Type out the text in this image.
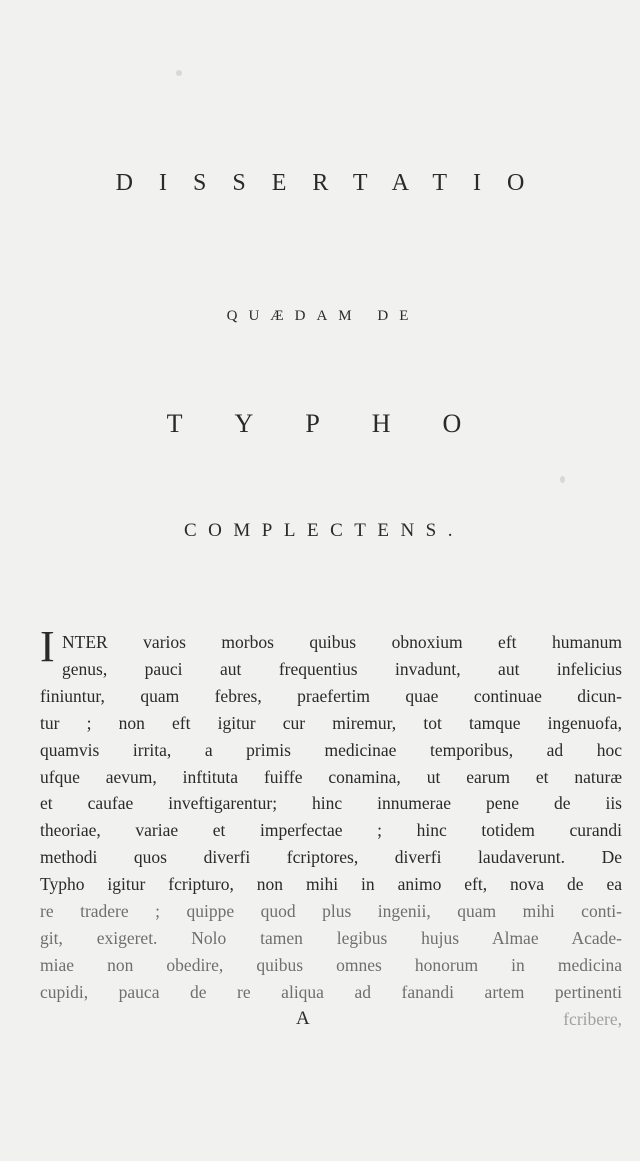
DISSERTATIO
QUÆDAM DE
TYPHO
COMPLECTENS.
I NTER varios morbos quibus obnoxium eft humanum
genus, pauci aut frequentius invadunt, aut infelicius
finiuntur, quam febres, praefertim quae continuae dicun-
tur ; non eft igitur cur miremur, tot tamque ingenuofa,
quamvis irrita, a primis medicinae temporibus, ad hoc
ufque aevum, inftituta fuiffe conamina, ut earum et naturæ
et caufae inveftigarentur; hinc innumerae pene de iis
theoriae, variae et imperfectae ; hinc totidem curandi
methodi quos diverfi fcriptores, diverfi laudaverunt. De
Typho igitur fcripturo, non mihi in animo eft, nova de ea
re tradere ; quippe quod plus ingenii, quam mihi conti-
git, exigeret. Nolo tamen legibus hujus Almae Acade-
miae non obedire, quibus omnes honorum in medicina
cupidi, pauca de re aliqua ad fanandi artem pertinenti
A	fcribere,
